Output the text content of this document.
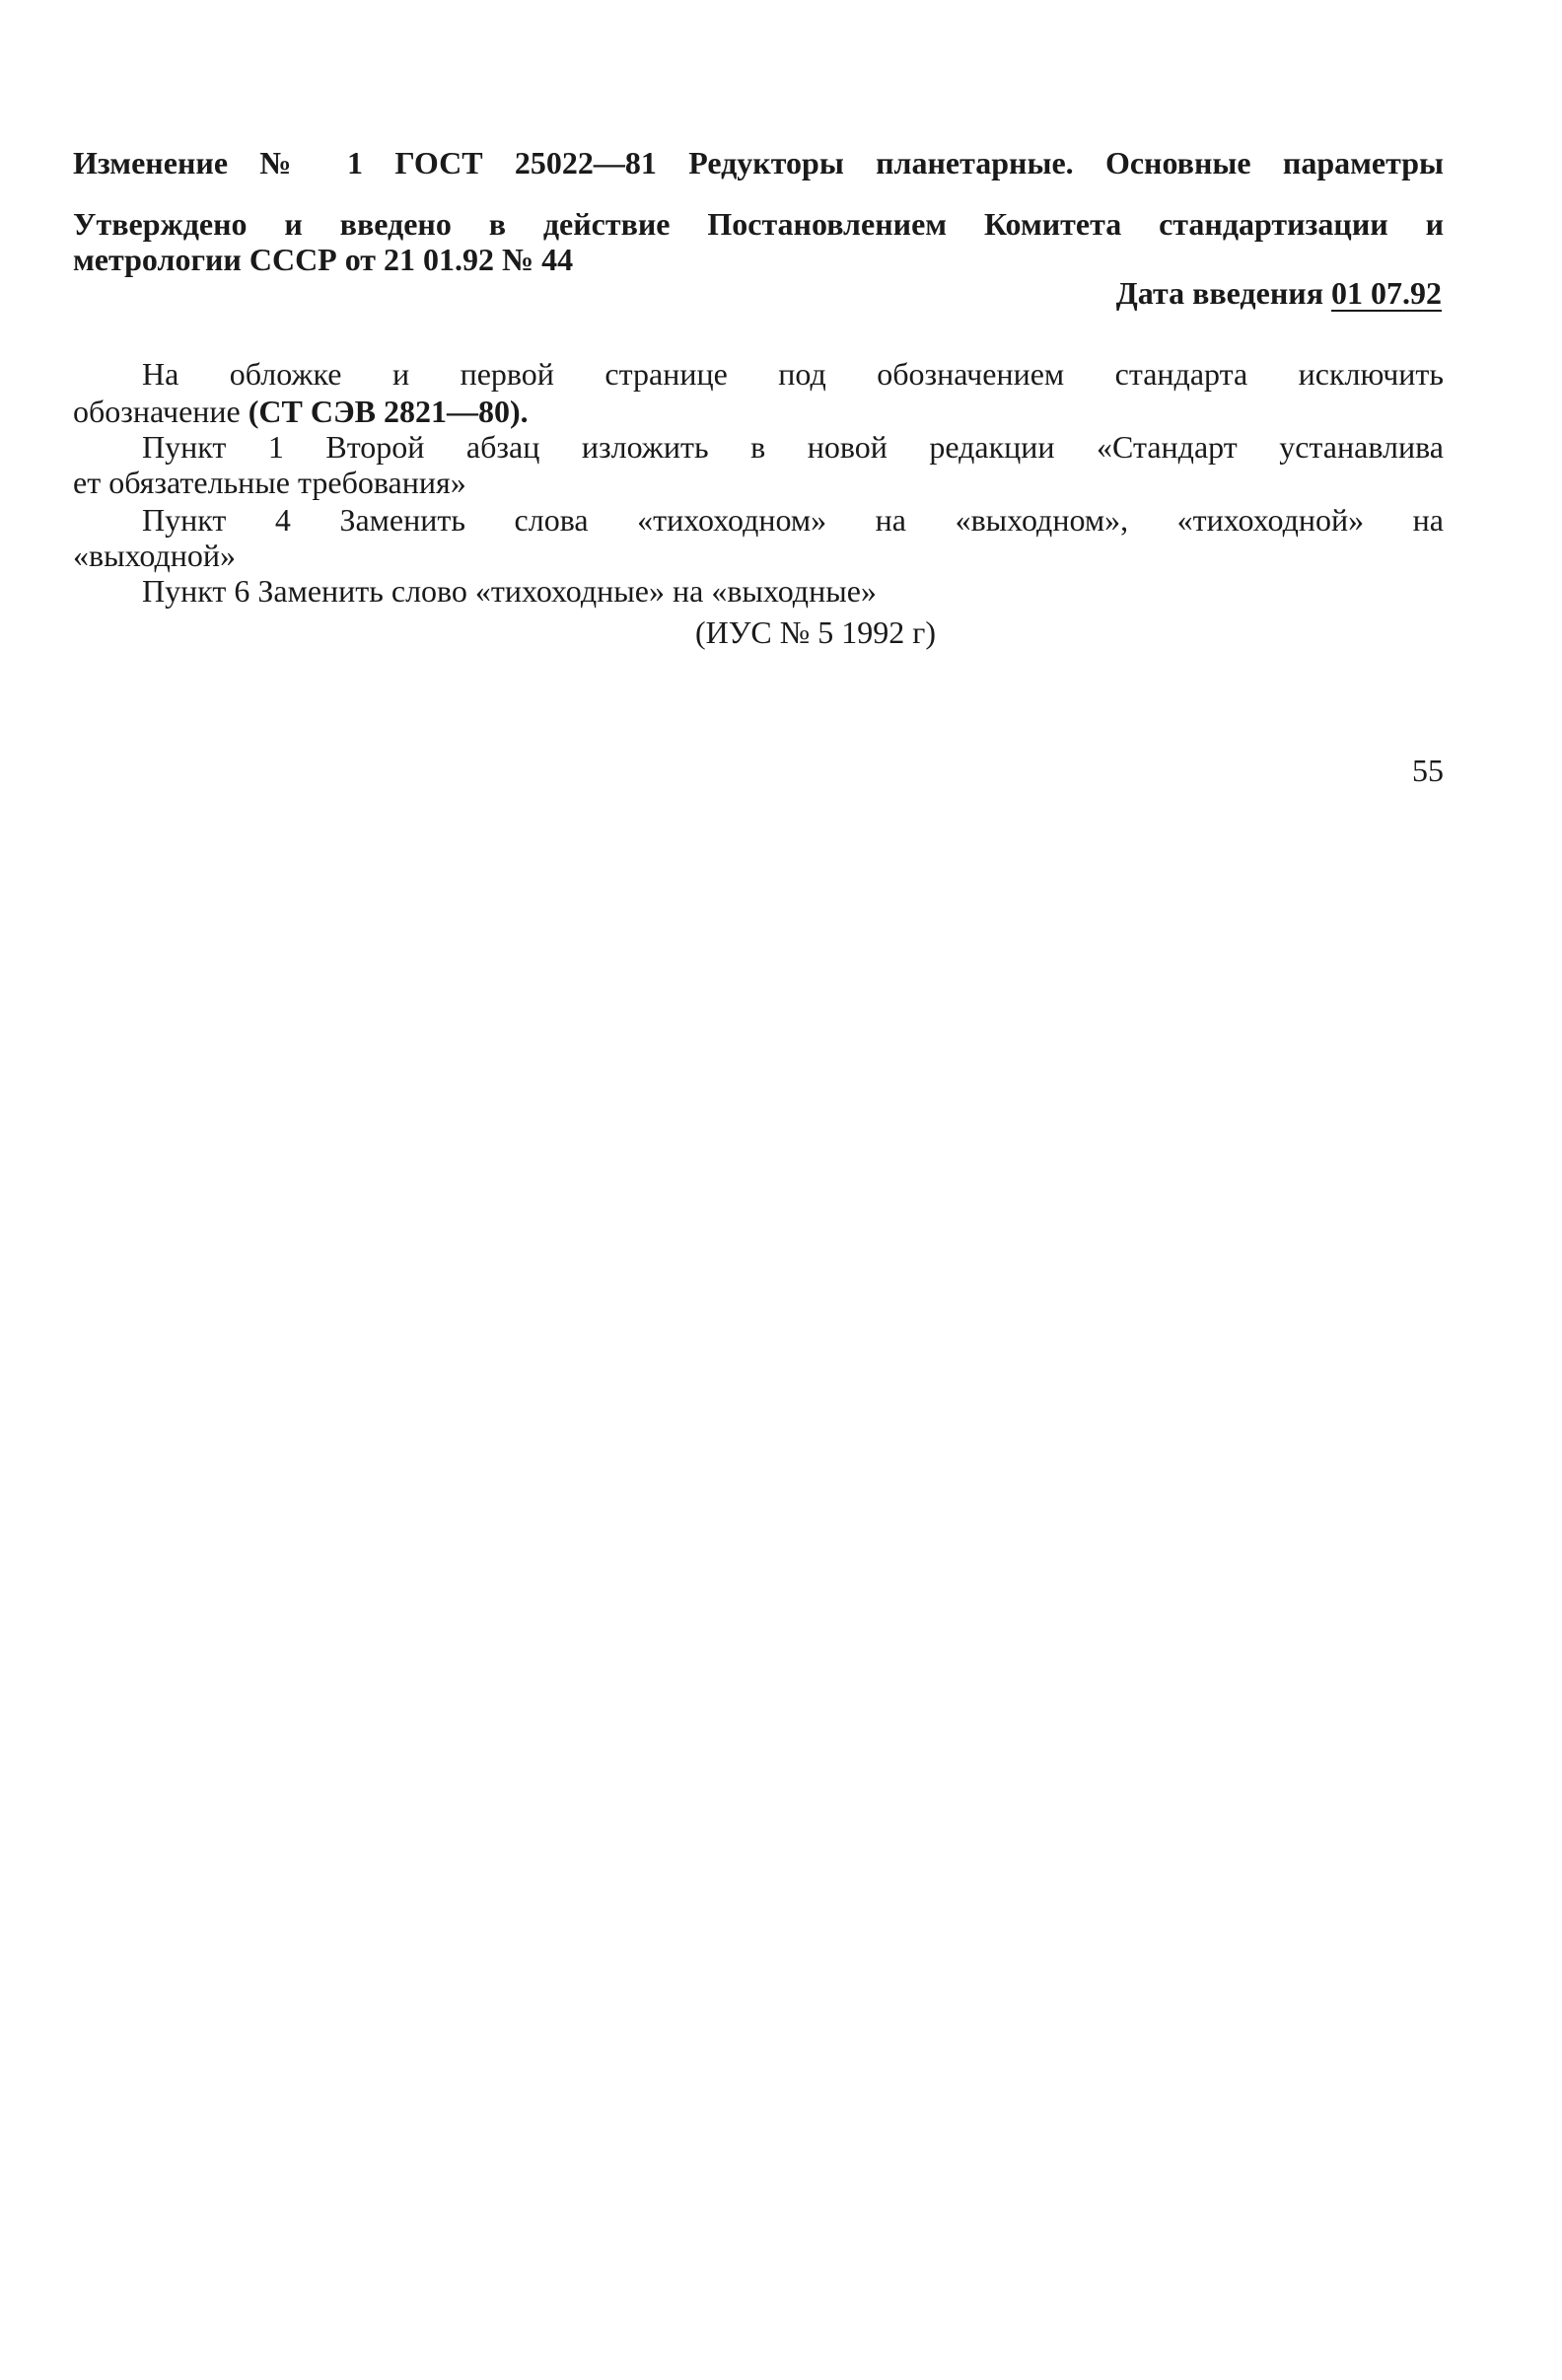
Изменение № 1 ГОСТ 25022—81 Редукторы планетарные. Основные параметры
Утверждено и введено в действие Постановлением Комитета стандартизации и
метрологии СССР от 21 01.92 № 44
Дата введения 01 07.92
На обложке и первой странице под обозначением стандарта исключить
обозначение (СТ СЭВ 2821—80).
Пункт 1 Второй абзац изложить в новой редакции «Стандарт устанавлива
ет обязательные требования»
Пункт 4 Заменить слова «тихоходном» на «выходном», «тихоходной» на
«выходной»
Пункт 6 Заменить слово «тихоходные» на «выходные»
(ИУС № 5 1992 г)
55
